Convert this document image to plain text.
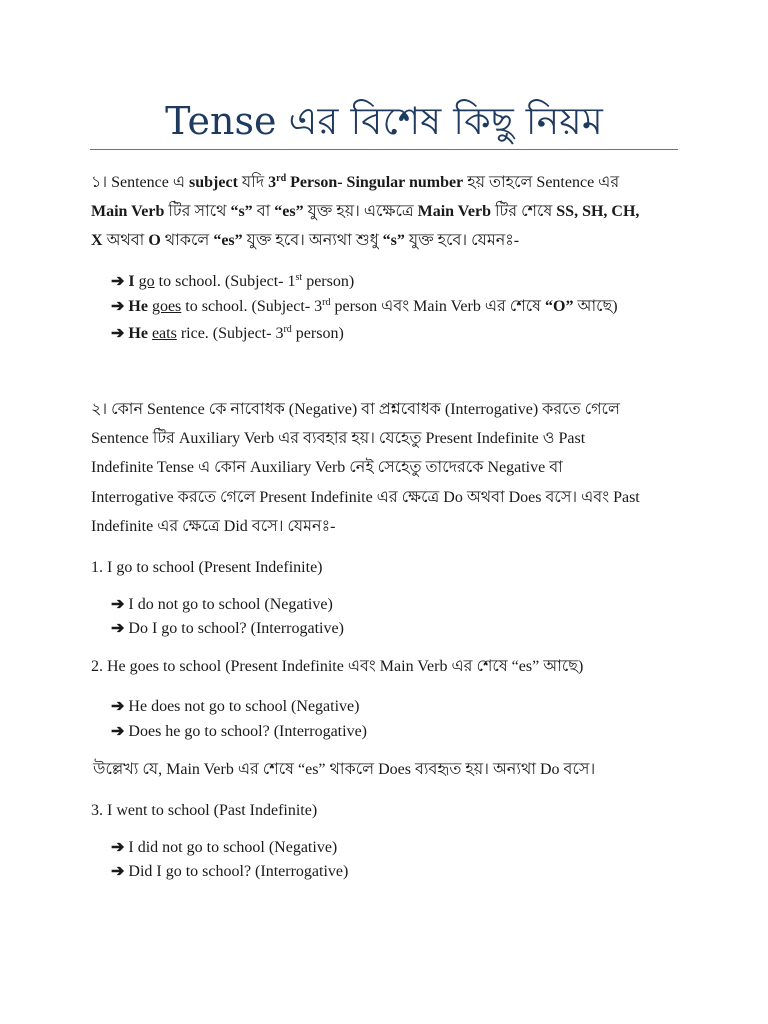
Tense এর বিশেষ কিছু নিয়ম
১। Sentence এ subject যদি 3rd Person- Singular number হয় তাহলে Sentence এর
Main Verb টির সাথে “s” বা “es” যুক্ত হয়। এক্ষেত্রে Main Verb টির শেষে SS, SH, CH,
X অথবা O থাকলে “es” যুক্ত হবে। অন্যথা শুধু “s” যুক্ত হবে। যেমনঃ-
➔ I go to school. (Subject- 1st person)
➔ He goes to school. (Subject- 3rd person এবং Main Verb এর শেষে “O” আছে)
➔ He eats rice. (Subject- 3rd person)
২। কোন Sentence কে নাবোধক (Negative) বা প্রশ্নবোধক (Interrogative) করতে গেলে
Sentence টির Auxiliary Verb এর ব্যবহার হয়। যেহেতু Present Indefinite ও Past
Indefinite Tense এ কোন Auxiliary Verb নেই সেহেতু তাদেরকে Negative বা
Interrogative করতে গেলে Present Indefinite এর ক্ষেত্রে Do অথবা Does বসে। এবং Past
Indefinite এর ক্ষেত্রে Did বসে। যেমনঃ-
1. I go to school (Present Indefinite)
➔ I do not go to school (Negative)
➔ Do I go to school? (Interrogative)
2. He goes to school (Present Indefinite এবং Main Verb এর শেষে “es” আছে)
➔ He does not go to school (Negative)
➔ Does he go to school? (Interrogative)
উল্লেখ্য যে, Main Verb এর শেষে “es” থাকলে Does ব্যবহৃত হয়। অন্যথা Do বসে।
3. I went to school (Past Indefinite)
➔ I did not go to school (Negative)
➔ Did I go to school? (Interrogative)
